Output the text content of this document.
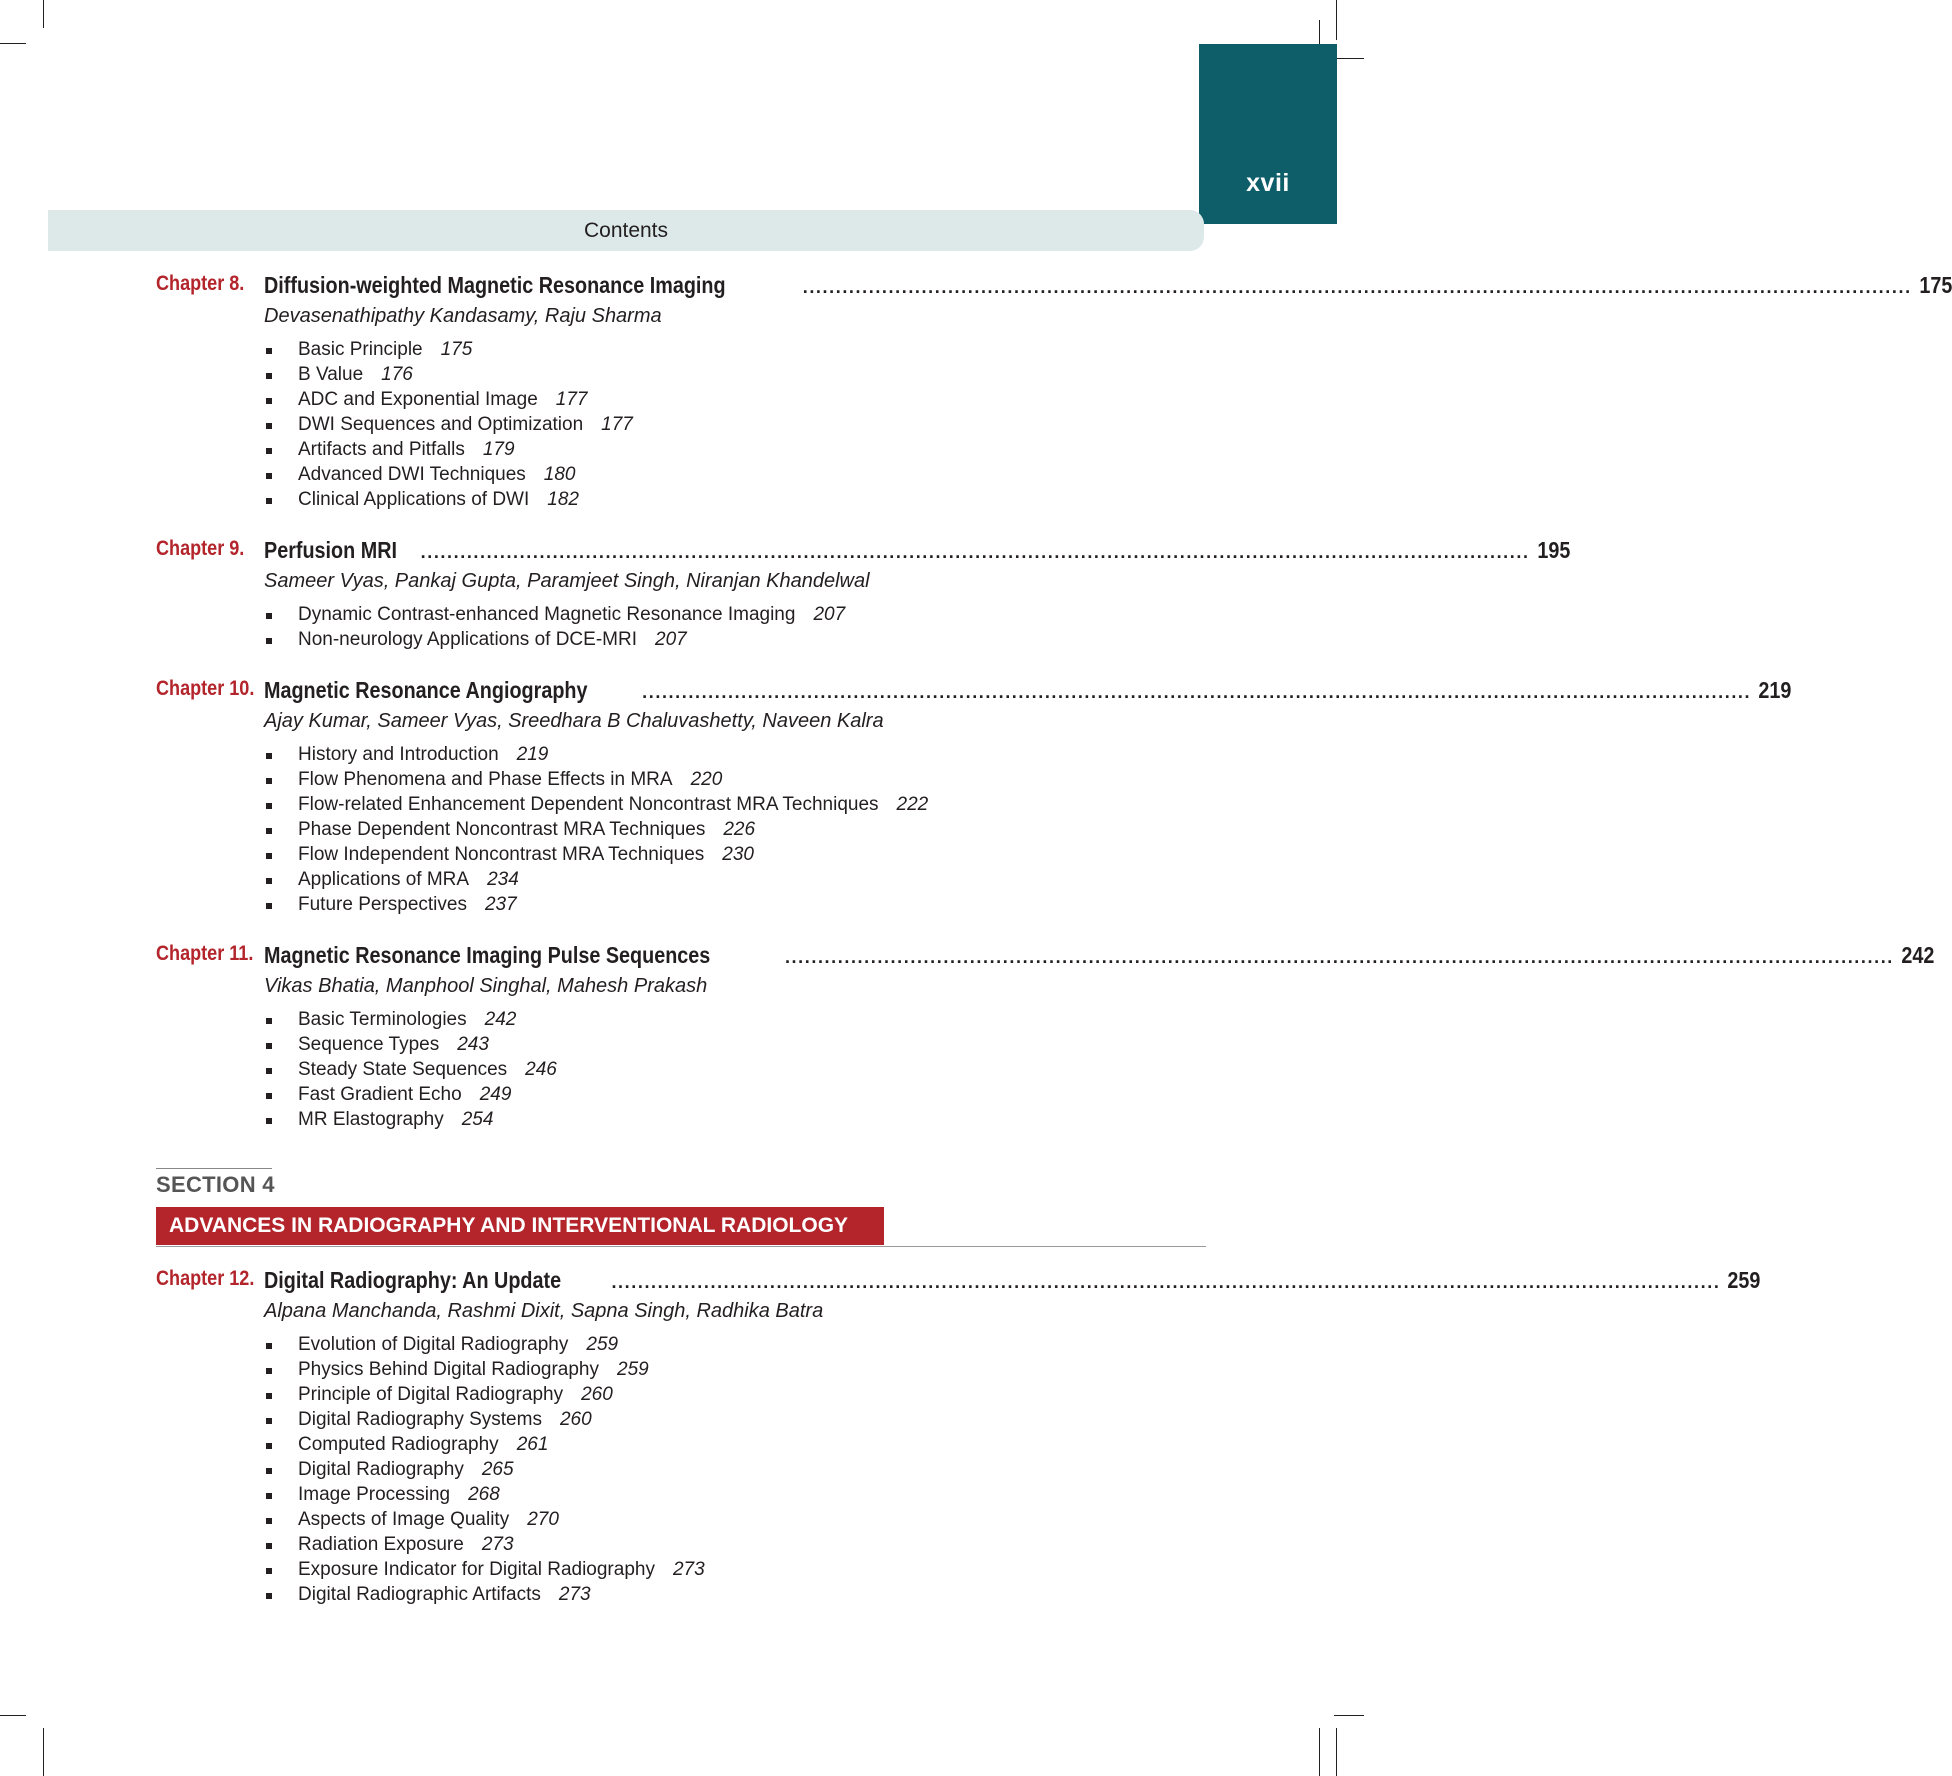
xvii
Contents
Chapter 8. Diffusion-weighted Magnetic Resonance Imaging	........................................................................................................................................................................ 175
Devasenathipathy Kandasamy, Raju Sharma
Basic Principle 175
B Value 176
ADC and Exponential Image 177
DWI Sequences and Optimization 177
Artifacts and Pitfalls 179
Advanced DWI Techniques 180
Clinical Applications of DWI 182
Chapter 9. Perfusion MRI ........................................................................................................................................................................ 195
Sameer Vyas, Pankaj Gupta, Paramjeet Singh, Niranjan Khandelwal
Dynamic Contrast-enhanced Magnetic Resonance Imaging 207
Non-neurology Applications of DCE-MRI 207
Chapter 10. Magnetic Resonance Angiography	........................................................................................................................................................................ 219
Ajay Kumar, Sameer Vyas, Sreedhara B Chaluvashetty, Naveen Kalra
History and Introduction 219
Flow Phenomena and Phase Effects in MRA 220
Flow-related Enhancement Dependent Noncontrast MRA Techniques 222
Phase Dependent Noncontrast MRA Techniques 226
Flow Independent Noncontrast MRA Techniques 230
Applications of MRA 234
Future Perspectives 237
Chapter 11. Magnetic Resonance Imaging Pulse Sequences	........................................................................................................................................................................ 242
Vikas Bhatia, Manphool Singhal, Mahesh Prakash
Basic Terminologies 242
Sequence Types 243
Steady State Sequences 246
Fast Gradient Echo 249
MR Elastography 254
SECTION 4
ADVANCES IN RADIOGRAPHY AND INTERVENTIONAL RADIOLOGY
Chapter 12. Digital Radiography: An Update	........................................................................................................................................................................ 259
Alpana Manchanda, Rashmi Dixit, Sapna Singh, Radhika Batra
Evolution of Digital Radiography 259
Physics Behind Digital Radiography 259
Principle of Digital Radiography 260
Digital Radiography Systems 260
Computed Radiography 261
Digital Radiography 265
Image Processing 268
Aspects of Image Quality 270
Radiation Exposure 273
Exposure Indicator for Digital Radiography 273
Digital Radiographic Artifacts 273
